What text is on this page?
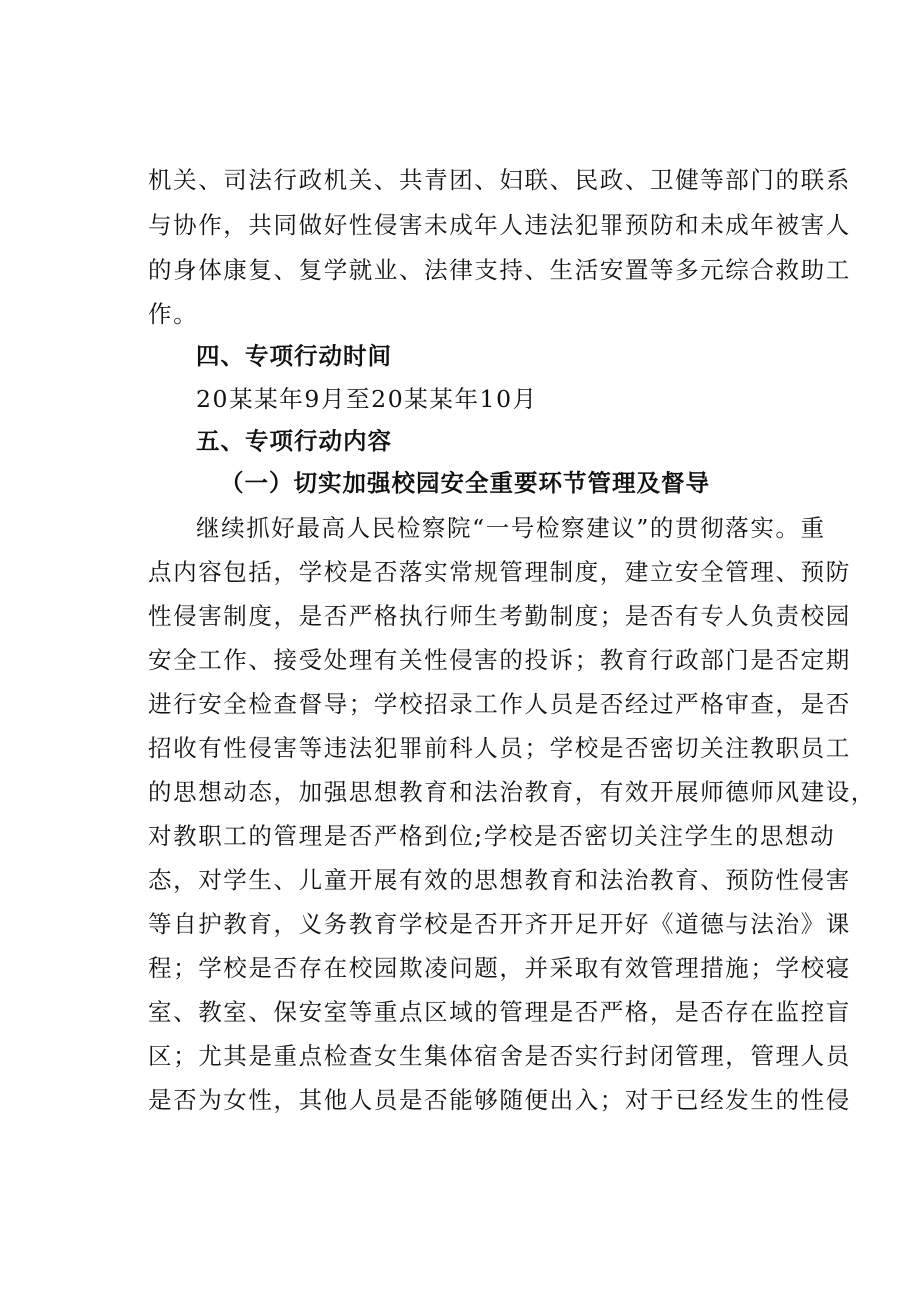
机关、司法行政机关、共青团、妇联、民政、卫健等部门的联系
与协作，共同做好性侵害未成年人违法犯罪预防和未成年被害人
的身体康复、复学就业、法律支持、生活安置等多元综合救助工
作。
四、专项行动时间
20某某年9月至20某某年10月
五、专项行动内容
（一）切实加强校园安全重要环节管理及督导
继续抓好最高人民检察院“一号检察建议”的贯彻落实。重
点内容包括，学校是否落实常规管理制度，建立安全管理、预防
性侵害制度，是否严格执行师生考勤制度；是否有专人负责校园
安全工作、接受处理有关性侵害的投诉；教育行政部门是否定期
进行安全检查督导；学校招录工作人员是否经过严格审查，是否
招收有性侵害等违法犯罪前科人员；学校是否密切关注教职员工
的思想动态，加强思想教育和法治教育，有效开展师德师风建设，
对教职工的管理是否严格到位;学校是否密切关注学生的思想动
态，对学生、儿童开展有效的思想教育和法治教育、预防性侵害
等自护教育，义务教育学校是否开齐开足开好《道德与法治》课
程；学校是否存在校园欺凌问题，并采取有效管理措施；学校寝
室、教室、保安室等重点区域的管理是否严格，是否存在监控盲
区；尤其是重点检查女生集体宿舍是否实行封闭管理，管理人员
是否为女性，其他人员是否能够随便出入；对于已经发生的性侵
